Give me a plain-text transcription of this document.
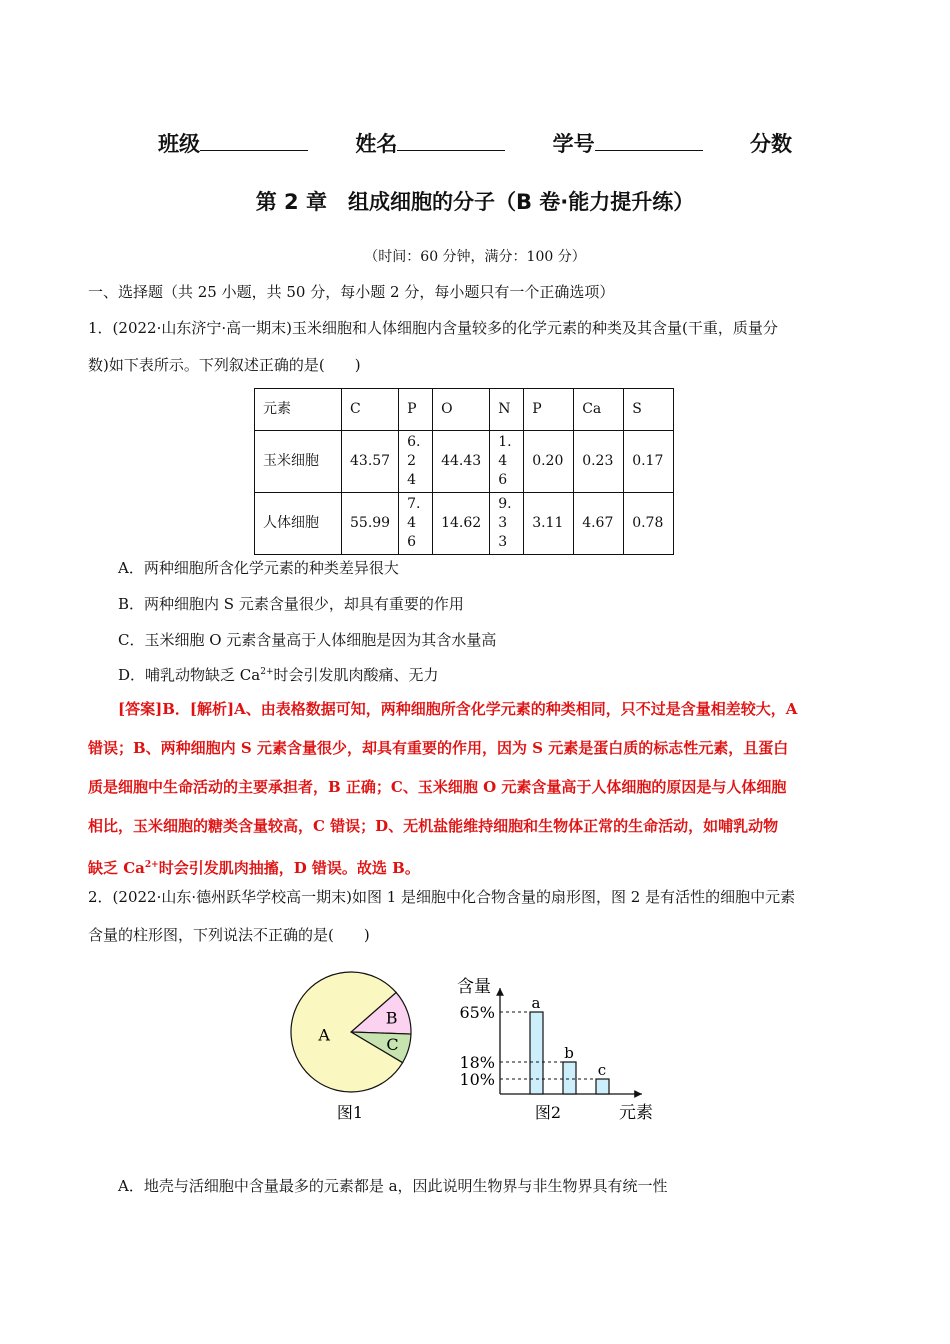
班级	姓名	学号	分数
第 2 章　组成细胞的分子（B 卷·能力提升练）
（时间：60 分钟，满分：100 分）
一、选择题（共 25 小题，共 50 分，每小题 2 分，每小题只有一个正确选项）
1．(2022·山东济宁·高一期末)玉米细胞和人体细胞内含量较多的化学元素的种类及其含量(干重，质量分
数)如下表所示。下列叙述正确的是(　　)
元素	C	P	O	N	P	Ca	S
玉米细胞	43.57	6.24	44.43	1.46	0.20	0.23	0.17
人体细胞	55.99	7.46	14.62	9.33	3.11	4.67	0.78
A．两种细胞所含化学元素的种类差异很大
B．两种细胞内 S 元素含量很少，却具有重要的作用
C．玉米细胞 O 元素含量高于人体细胞是因为其含水量高
D．哺乳动物缺乏 $Ca^{2+}$时会引发肌肉酸痛、无力

[答案]B．[解析]A、由表格数据可知，两种细胞所含化学元素的种类相同，只不过是含量相差较大，A

错误；B、两种细胞内 S 元素含量很少，却具有重要的作用，因为 S 元素是蛋白质的标志性元素，且蛋白

质是细胞中生命活动的主要承担者，B 正确；C、玉米细胞 O 元素含量高于人体细胞的原因是与人体细胞

相比，玉米细胞的糖类含量较高，C 错误；D、无机盐能维持细胞和生物体正常的生命活动，如哺乳动物

缺乏 $Ca^{2+}$时会引发肌肉抽搐，D 错误。故选 B。

2．(2022·山东·德州跃华学校高一期末)如图 1 是细胞中化合物含量的扇形图，图 2 是有活性的细胞中元素
含量的柱形图，下列说法不正确的是(　　)
B
C
A
图1
含量
元素
图2
65% a
18%	b
10%	c
A．地壳与活细胞中含量最多的元素都是 a，因此说明生物界与非生物界具有统一性
